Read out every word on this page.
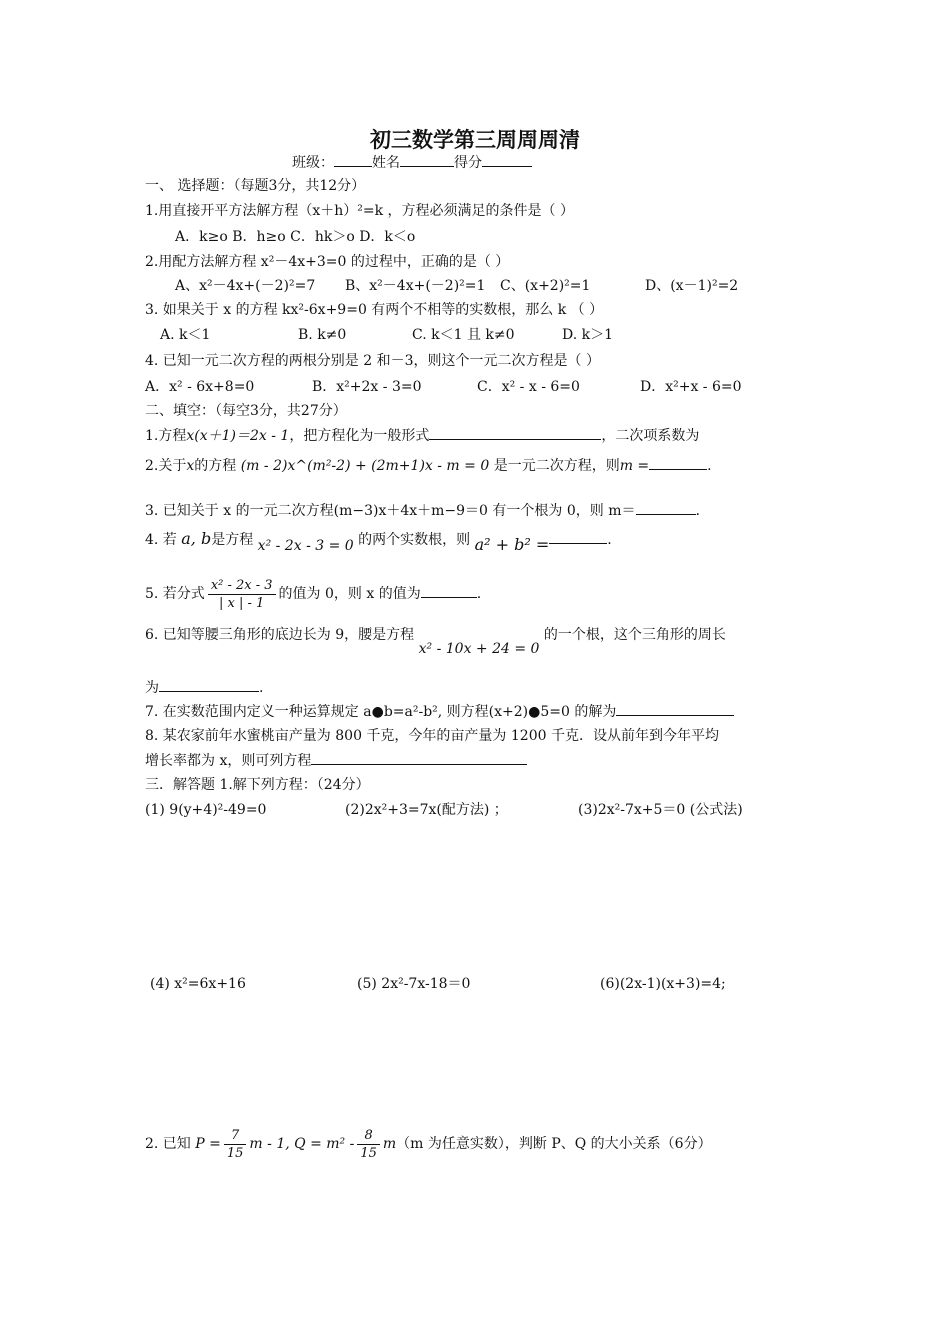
初三数学第三周周周清
班级：	姓名	得分
一、 选择题：（每题3分，共12分）
1.用直接开平方法解方程（x＋h）²=k ，方程必须满足的条件是（ ）
A．k≥o B．h≥o C．hk＞o D．k＜o
2.用配方法解方程 x²－4x+3=0 的过程中，正确的是（ ）
A、x²－4x+(－2)²=7 B、x²－4x+(－2)²=1 C、(x+2)²=1	D、(x－1)²=2
3. 如果关于 x 的方程 kx²-6x+9=0 有两个不相等的实数根，那么 k （ ）
A. k＜1	B. k≠0	C. k＜1 且 k≠0	D. k＞1
4. 已知一元二次方程的两根分别是 2 和－3，则这个一元二次方程是（ ）
A．x² - 6x+8=0	B．x²+2x - 3=0	C．x² - x - 6=0	D．x²+x - 6=0
二、填空：（每空3分，共27分）
1.方程x(x＋1)＝2x - 1，把方程化为一般形式	，二次项系数为
2.关于x的方程 (m - 2)x^(m²-2) + (2m+1)x - m = 0 是一元二次方程，则m =	.
3. 已知关于 x 的一元二次方程(m−3)x＋4x＋m−9＝0 有一个根为 0，则 m＝	.
4. 若 a, b是方程 x² - 2x - 3 = 0 的两个实数根，则 a² + b² =	.
5. 若分式 $\frac{\text{x² - 2x - 3}}{| x | - 1}$ 的值为 0，则 x 的值为	.
6. 已知等腰三角形的底边长为 9，腰是方程 x² - 10x + 24 = 0 的一个根，这个三角形的周长
为	.
7. 在实数范围内定义一种运算规定 a●b=a²-b², 则方程(x+2)●5=0 的解为
8. 某农家前年水蜜桃亩产量为 800 千克，今年的亩产量为 1200 千克．设从前年到今年平均
增长率都为 x，则可列方程
三．解答题 1.解下列方程：（24分）
(1) 9(y+4)²-49=0	(2)2x²+3=7x(配方法) ；	(3)2x²-7x+5＝0 (公式法)
(4) x²=6x+16	(5) 2x²-7x-18＝0	(6)(2x-1)(x+3)=4;
2. 已知 $P = \frac{7}{15}$ m - 1, $Q = m^2 - \frac{8}{15} m(m$ 为任意实数），判断 P、Q 的大小关系（6分）
